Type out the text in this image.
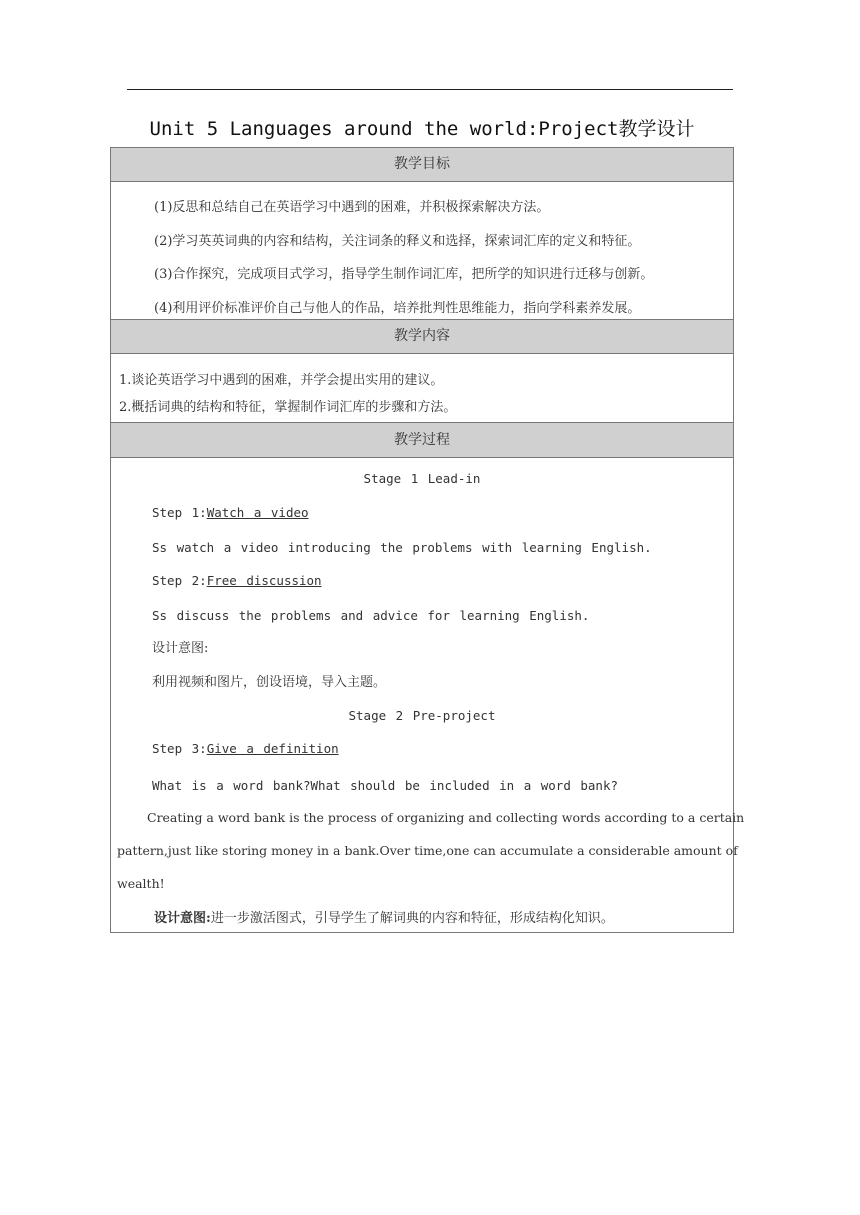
Unit 5 Languages around the world:Project教学设计
教学目标
(1)反思和总结自己在英语学习中遇到的困难，并积极探索解决方法。
(2)学习英英词典的内容和结构，关注词条的释义和选择，探索词汇库的定义和特征。
(3)合作探究，完成项目式学习，指导学生制作词汇库，把所学的知识进行迁移与创新。
(4)利用评价标准评价自己与他人的作品，培养批判性思维能力，指向学科素养发展。
教学内容
1.谈论英语学习中遇到的困难，并学会提出实用的建议。
2.概括词典的结构和特征，掌握制作词汇库的步骤和方法。
教学过程
Stage 1 Lead-in
Step 1:Watch a video
Ss watch a video introducing the problems with learning English.
Step 2:Free discussion
Ss discuss the problems and advice for learning English.
设计意图:
利用视频和图片，创设语境，导入主题。
Stage 2 Pre-project
Step 3:Give a definition
What is a word bank?What should be included in a word bank?
Creating a word bank is the process of organizing and collecting words according to a certain
pattern,just like storing money in a bank.Over time,one can accumulate a considerable amount of
wealth!
设计意图:进一步激活图式，引导学生了解词典的内容和特征，形成结构化知识。
